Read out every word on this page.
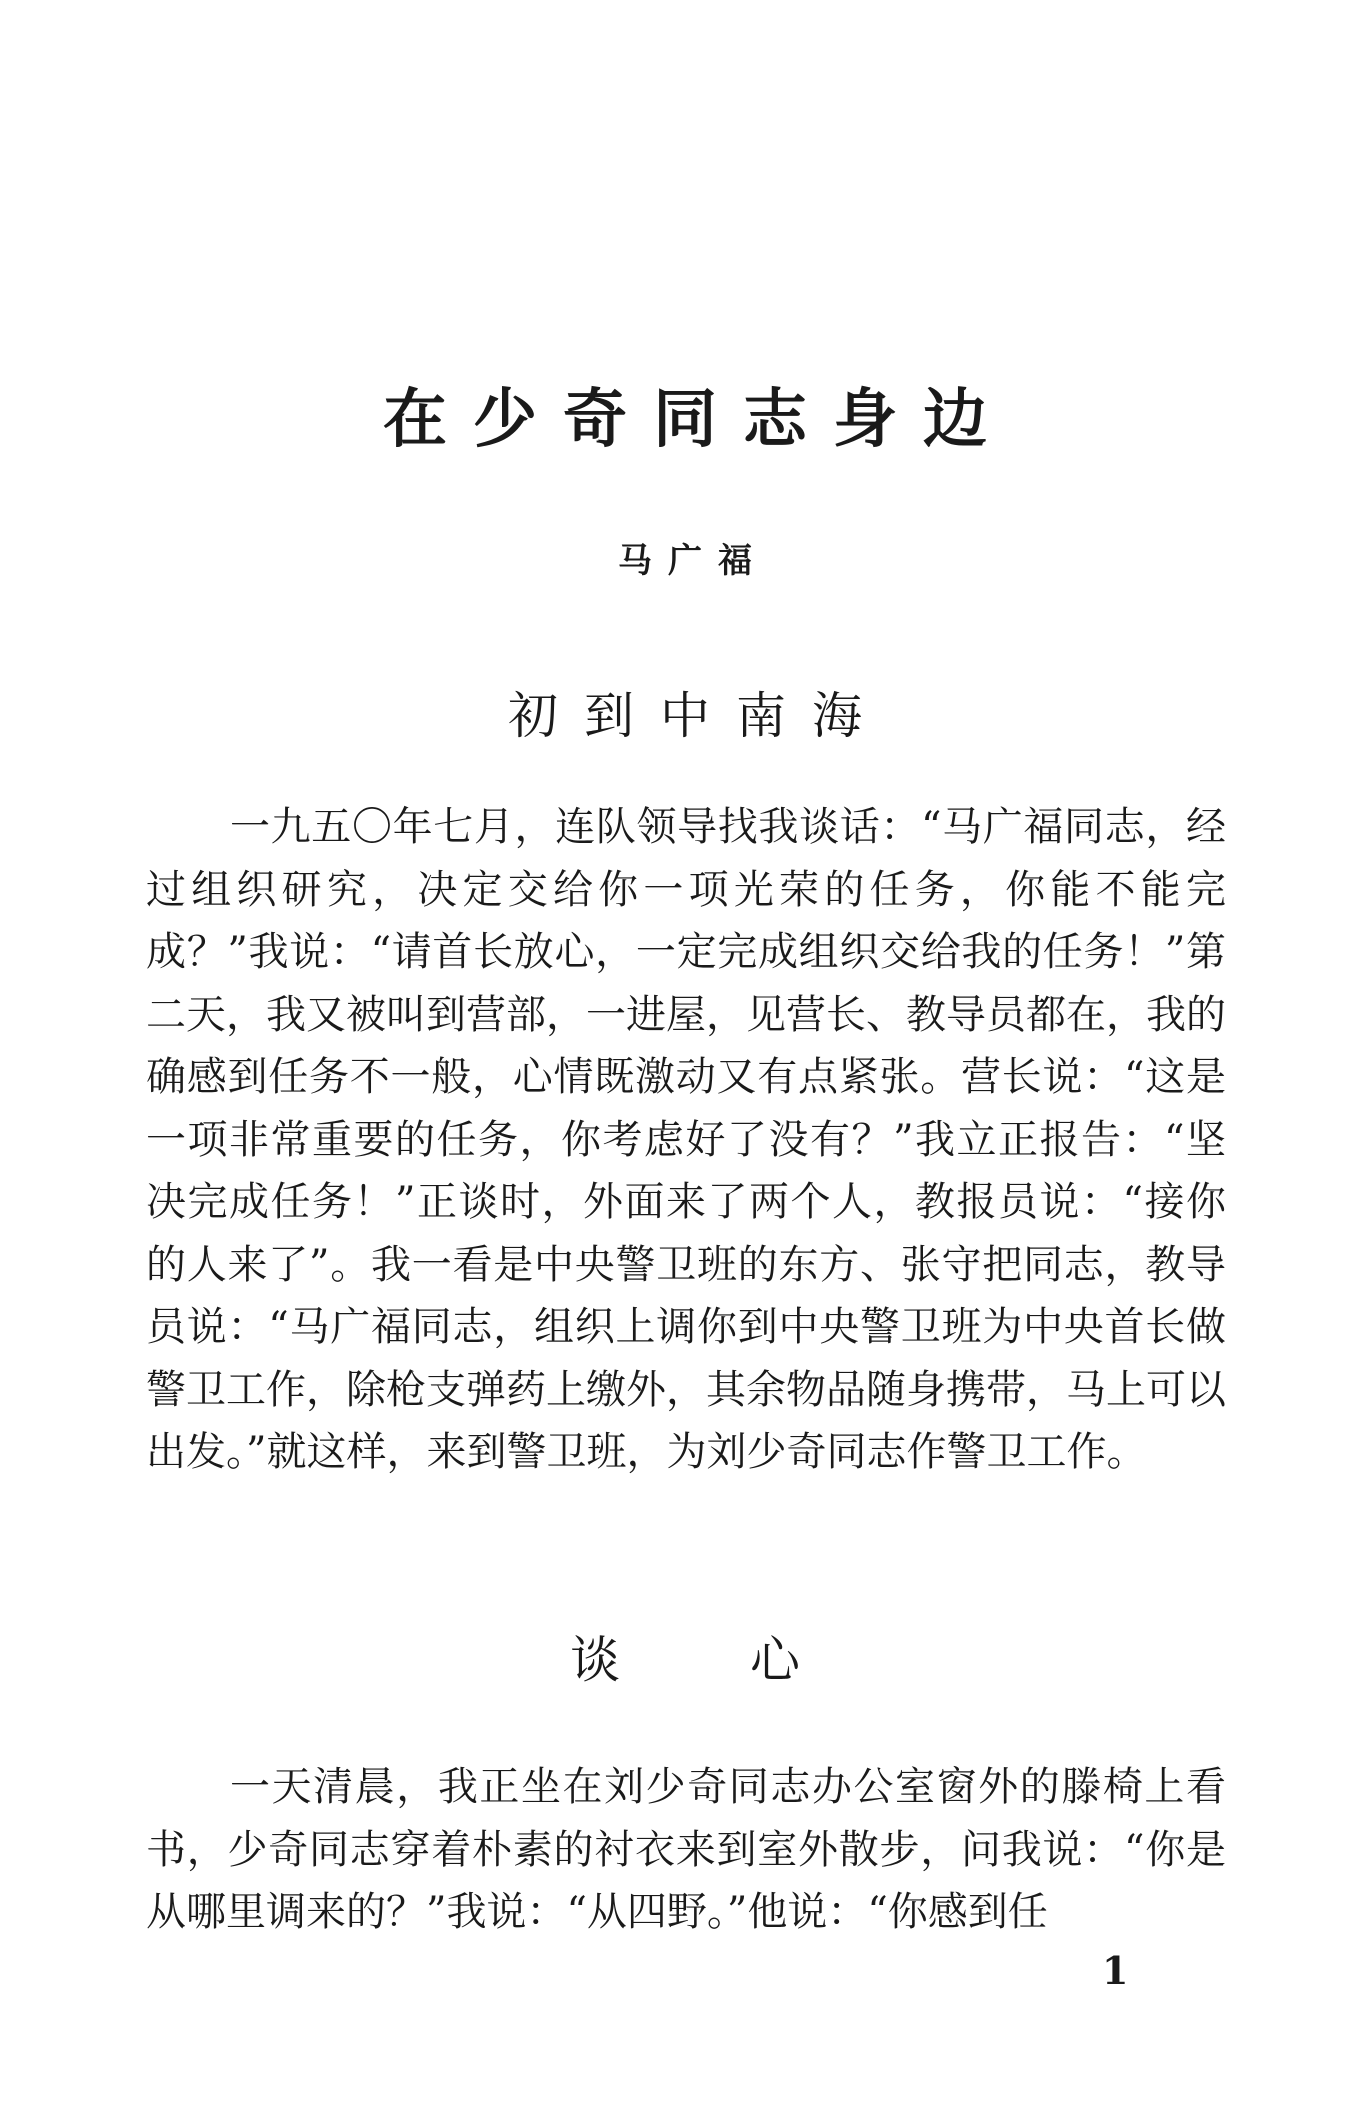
在少奇同志身边
马广福
初到中南海

一九五〇年七月，连队领导找我谈话：“马广福同志，经过组织研究，决定交给你一项光荣的任务，你能不能完成？”我说：“请首长放心，一定完成组织交给我的任务！”第二天，我又被叫到营部，一进屋，见营长、教导员都在，我的确感到任务不一般，心情既激动又有点紧张。营长说：“这是一项非常重要的任务，你考虑好了没有？”我立正报告：“坚决完成任务！”正谈时，外面来了两个人，教报员说：“接你的人来了”。我一看是中央警卫班的东方、张守把同志，教导员说：“马广福同志，组织上调你到中央警卫班为中央首长做警卫工作，除枪支弹药上缴外，其余物品随身携带，马上可以出发。”就这样，来到警卫班，为刘少奇同志作警卫工作。

谈心

一天清晨，我正坐在刘少奇同志办公室窗外的滕椅上看书，少奇同志穿着朴素的衬衣来到室外散步，问我说：“你是从哪里调来的？”我说：“从四野。”他说：“你感到任

1
